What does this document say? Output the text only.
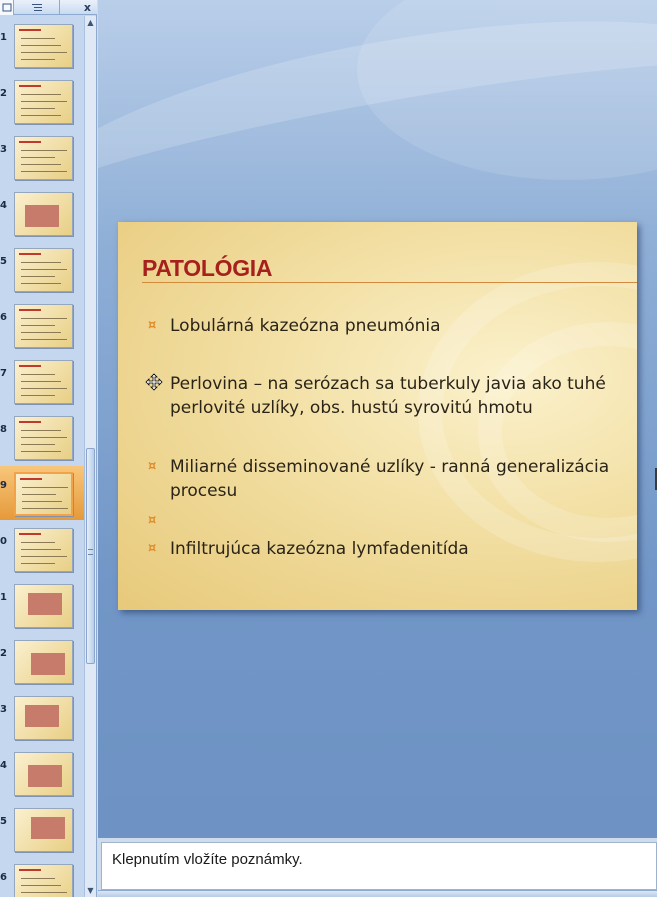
x
1
2
3
4
5
6
7
8
9
0
1
2
3
4
5
6
▲
▼
PATOLÓGIA
¤ Lobulárná kazeózna pneumónia
Perlovina – na serózach sa tuberkuly javia ako tuhé perlovité uzlíky, obs. hustú syrovitú hmotu
¤ Miliarné disseminované uzlíky - ranná generalizácia procesu
¤
¤ Infiltrujúca kazeózna lymfadenitída
Klepnutím vložíte poznámky.
